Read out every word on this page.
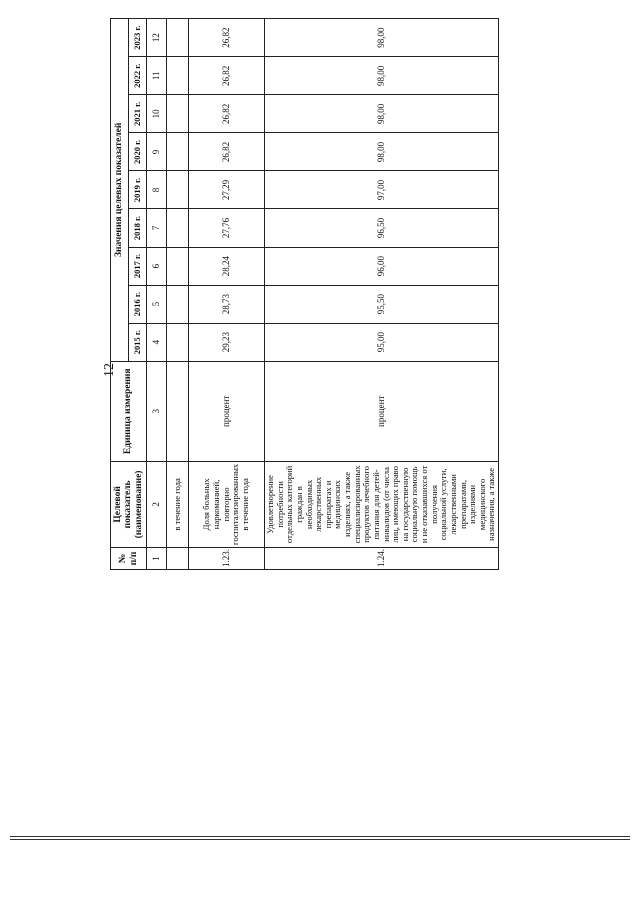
12
№ п/п	Целевой показатель (наименование)	Единица измерения	Значения целевых показателей								
			2015 г.	2016 г.	2017 г.	2018 г.	2019 г.	2020 г.	2021 г.	2022 г.	2023 г.
1	2	3	4	5	6	7	8	9	10	11	12
	в течение года										
1.23.	Доля больных наркоманией, повторно госпитализированных в течение года	процент	29,23	28,73	28,24	27,76	27,29	26,82	26,82	26,82	26,82
1.24.	Удовлетворение потребности отдельных категорий граждан в необходимых лекарственных препаратах и медицинских изделиях, а также специализированных продуктов лечебного питания для детей-инвалидов (от числа лиц, имеющих право на государственную социальную помощь и не отказавшихся от получения социальной услуги, лекарственными препаратами, изделиями медицинского назначения, а также	процент	95,00	95,50	96,00	96,50	97,00	98,00	98,00	98,00	98,00
